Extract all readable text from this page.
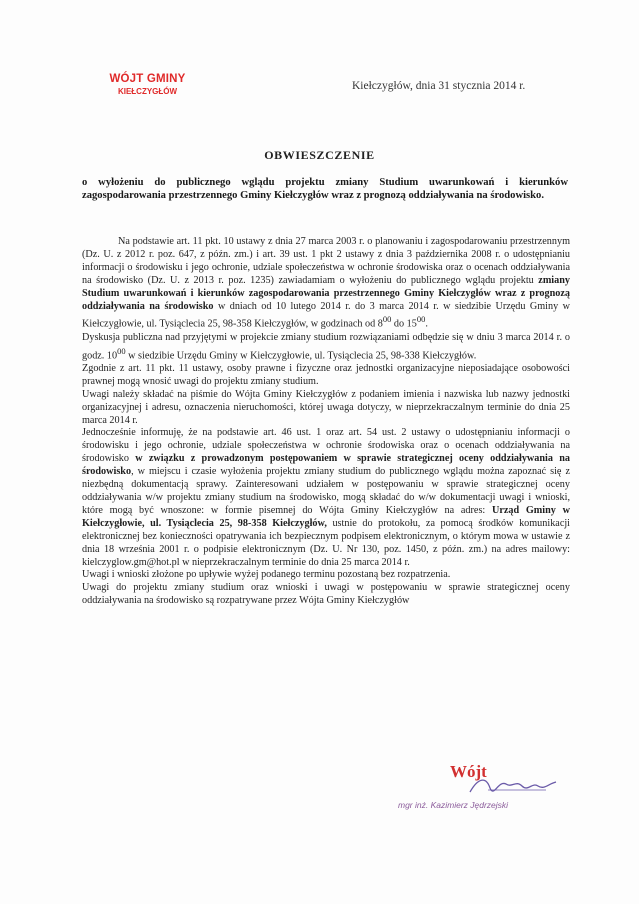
WÓJT GMINY
KIEŁCZYGŁÓW	Kiełczygłów, dnia 31 stycznia 2014 r.
OBWIESZCZENIE
o wyłożeniu do publicznego wglądu projektu zmiany Studium uwarunkowań i kierunków zagospodarowania przestrzennego Gminy Kiełczygłów wraz z prognozą oddziaływania na środowisko.

Na podstawie art. 11 pkt. 10 ustawy z dnia 27 marca 2003 r. o planowaniu i zagospodarowaniu przestrzennym (Dz. U. z 2012 r. poz. 647, z późn. zm.) i art. 39 ust. 1 pkt 2 ustawy z dnia 3 października 2008 r. o udostępnianiu informacji o środowisku i jego ochronie, udziale społeczeństwa w ochronie środowiska oraz o ocenach oddziaływania na środowisko (Dz. U. z 2013 r. poz. 1235) zawiadamiam o wyłożeniu do publicznego wglądu projektu zmiany Studium uwarunkowań i kierunków zagospodarowania przestrzennego Gminy Kiełczygłów wraz z prognozą oddziaływania na środowisko w dniach od 10 lutego 2014 r. do 3 marca 2014 r. w siedzibie Urzędu Gminy w Kiełczygłowie, ul. Tysiąclecia 25, 98-358 Kiełczygłów, w godzinach od $8^{00}$ do $15^{00}$.

Dyskusja publiczna nad przyjętymi w projekcie zmiany studium rozwiązaniami odbędzie się w dniu 3 marca 2014 r. o godz. $10^{00}$ w siedzibie Urzędu Gminy w Kiełczygłowie, ul. Tysiąclecia 25, 98-338 Kiełczygłów.

Zgodnie z art. 11 pkt. 11 ustawy, osoby prawne i fizyczne oraz jednostki organizacyjne nieposiadające osobowości prawnej mogą wnosić uwagi do projektu zmiany studium.

Uwagi należy składać na piśmie do Wójta Gminy Kiełczygłów z podaniem imienia i nazwiska lub nazwy jednostki organizacyjnej i adresu, oznaczenia nieruchomości, której uwaga dotyczy, w nieprzekraczalnym terminie do dnia 25 marca 2014 r.

Jednocześnie informuję, że na podstawie art. 46 ust. 1 oraz art. 54 ust. 2 ustawy o udostępnianiu informacji o środowisku i jego ochronie, udziale społeczeństwa w ochronie środowiska oraz o ocenach oddziaływania na środowisko w związku z prowadzonym postępowaniem w sprawie strategicznej oceny oddziaływania na środowisko, w miejscu i czasie wyłożenia projektu zmiany studium do publicznego wglądu można zapoznać się z niezbędną dokumentacją sprawy. Zainteresowani udziałem w postępowaniu w sprawie strategicznej oceny oddziaływania w/w projektu zmiany studium na środowisko, mogą składać do w/w dokumentacji uwagi i wnioski, które mogą być wnoszone: w formie pisemnej do Wójta Gminy Kiełczygłów na adres: Urząd Gminy w Kiełczygłowie, ul. Tysiąclecia 25, 98-358 Kiełczygłów, ustnie do protokołu, za pomocą środków komunikacji elektronicznej bez konieczności opatrywania ich bezpiecznym podpisem elektronicznym, o którym mowa w ustawie z dnia 18 września 2001 r. o podpisie elektronicznym (Dz. U. Nr 130, poz. 1450, z późn. zm.) na adres mailowy: kielczyglow.gm@hot.pl w nieprzekraczalnym terminie do dnia 25 marca 2014 r.

Uwagi i wnioski złożone po upływie wyżej podanego terminu pozostaną bez rozpatrzenia.

Uwagi do projektu zmiany studium oraz wnioski i uwagi w postępowaniu w sprawie strategicznej oceny oddziaływania na środowisko są rozpatrywane przez Wójta Gminy Kiełczygłów

Wójt
mgr inż. Kazimierz Jędrzejski
